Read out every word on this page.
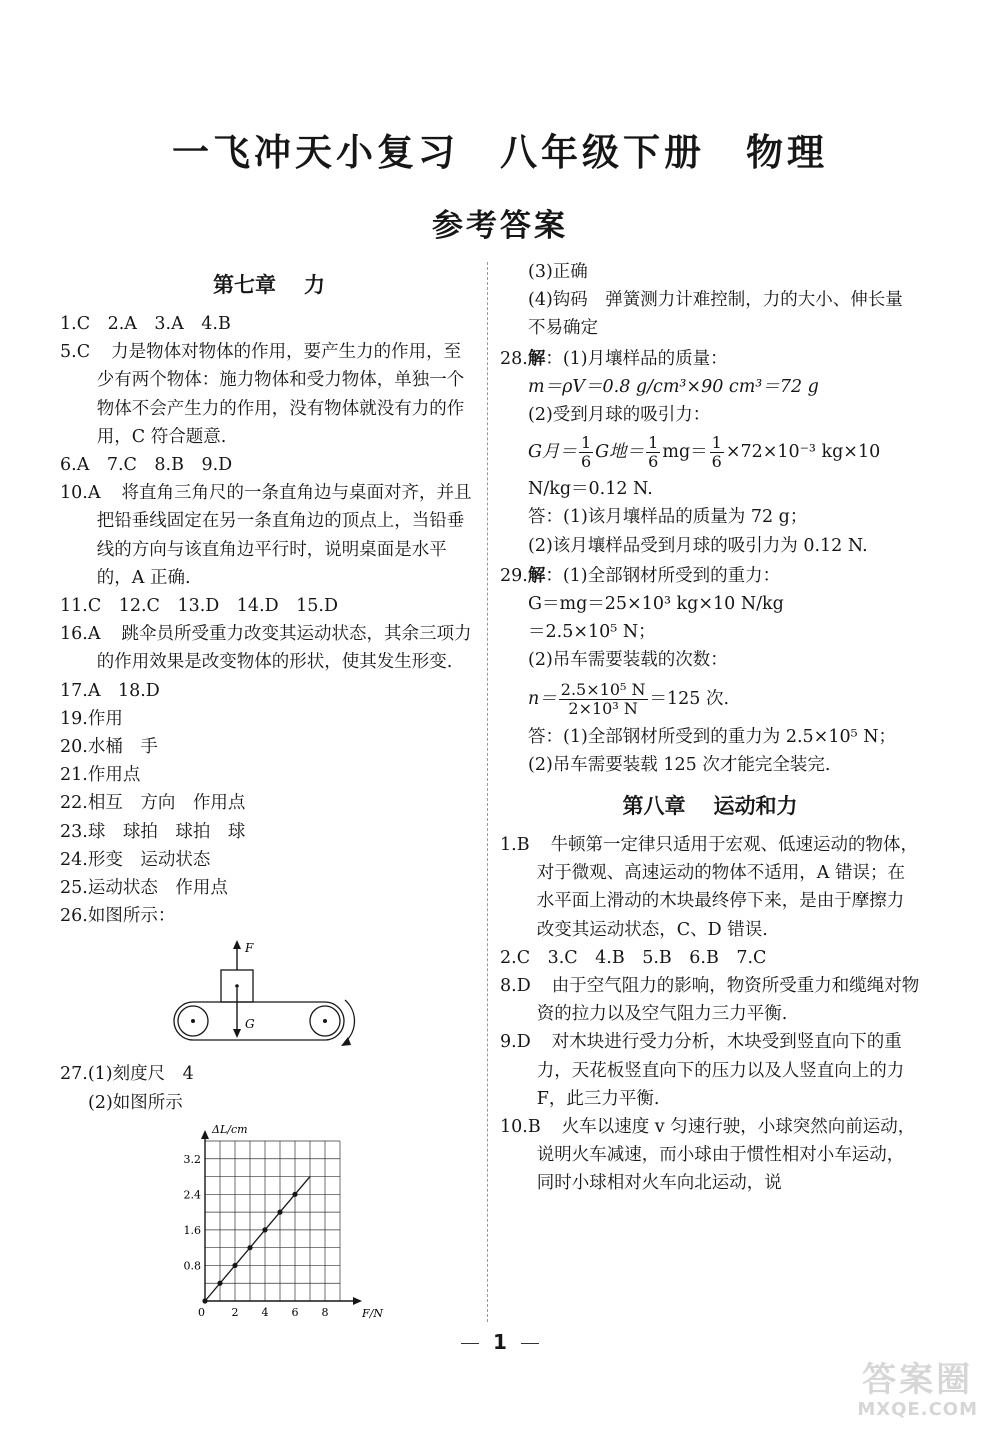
一飞冲天小复习　八年级下册　物理
参考答案
第七章 力

1.C　2.A　3.A　4.B

5.C 力是物体对物体的作用，要产生力的作用，至少有两个物体：施力物体和受力物体，单独一个物体不会产生力的作用，没有物体就没有力的作用，C 符合题意.

6.A　7.C　8.B　9.D

10.A 将直角三角尺的一条直角边与桌面对齐，并且把铅垂线固定在另一条直角边的顶点上，当铅垂线的方向与该直角边平行时，说明桌面是水平的，A 正确.

11.C　12.C　13.D　14.D　15.D

16.A 跳伞员所受重力改变其运动状态，其余三项力的作用效果是改变物体的形状，使其发生形变.

17.A　18.D

19.作用

20.水桶　手

21.作用点

22.相互　方向　作用点

23.球　球拍　球拍　球

24.形变　运动状态

25.运动状态　作用点

26.如图所示：

F
G

27.(1)刻度尺　4

(2)如图所示

ΔL/cm
F/N
0
0.8
1.6
2.4
3.2
2 4 6 8

(3)正确

(4)钩码　弹簧测力计难控制，力的大小、伸长量不易确定

28.解：(1)月壤样品的质量：

m＝ρV＝0.8 g/cm³×90 cm³＝72 g

(2)受到月球的吸引力：

G月＝ $\frac{1}{6}$ G地＝ $\frac{1}{6} mg= \frac{1}{6} \times 72\times 10^{-3}$ kg×10

N/kg＝0.12 N.

答：(1)该月壤样品的质量为 72 g；

(2)该月壤样品受到月球的吸引力为 0.12 N.

29.解：(1)全部钢材所受到的重力：

G＝mg＝25×10³ kg×10 N/kg

＝2.5×10⁵ N；

(2)吊车需要装载的次数：

$n= \frac{\text{2.5×10⁵ N}}{\text{2×10³ N}} =125$ 次.

答：(1)全部钢材所受到的重力为 2.5×10⁵ N；

(2)吊车需要装载 125 次才能完全装完.

第八章 运动和力

1.B 牛顿第一定律只适用于宏观、低速运动的物体，对于微观、高速运动的物体不适用，A 错误；在水平面上滑动的木块最终停下来，是由于摩擦力改变其运动状态，C、D 错误.

2.C　3.C　4.B　5.B　6.B　7.C

8.D 由于空气阻力的影响，物资所受重力和缆绳对物资的拉力以及空气阻力三力平衡.

9.D 对木块进行受力分析，木块受到竖直向下的重力，天花板竖直向下的压力以及人竖直向上的力 F，此三力平衡.

10.B 火车以速度 v 匀速行驶，小球突然向前运动，说明火车减速，而小球由于惯性相对小车运动，同时小球相对火车向北运动，说

1
答案圈
MXQE.COM
